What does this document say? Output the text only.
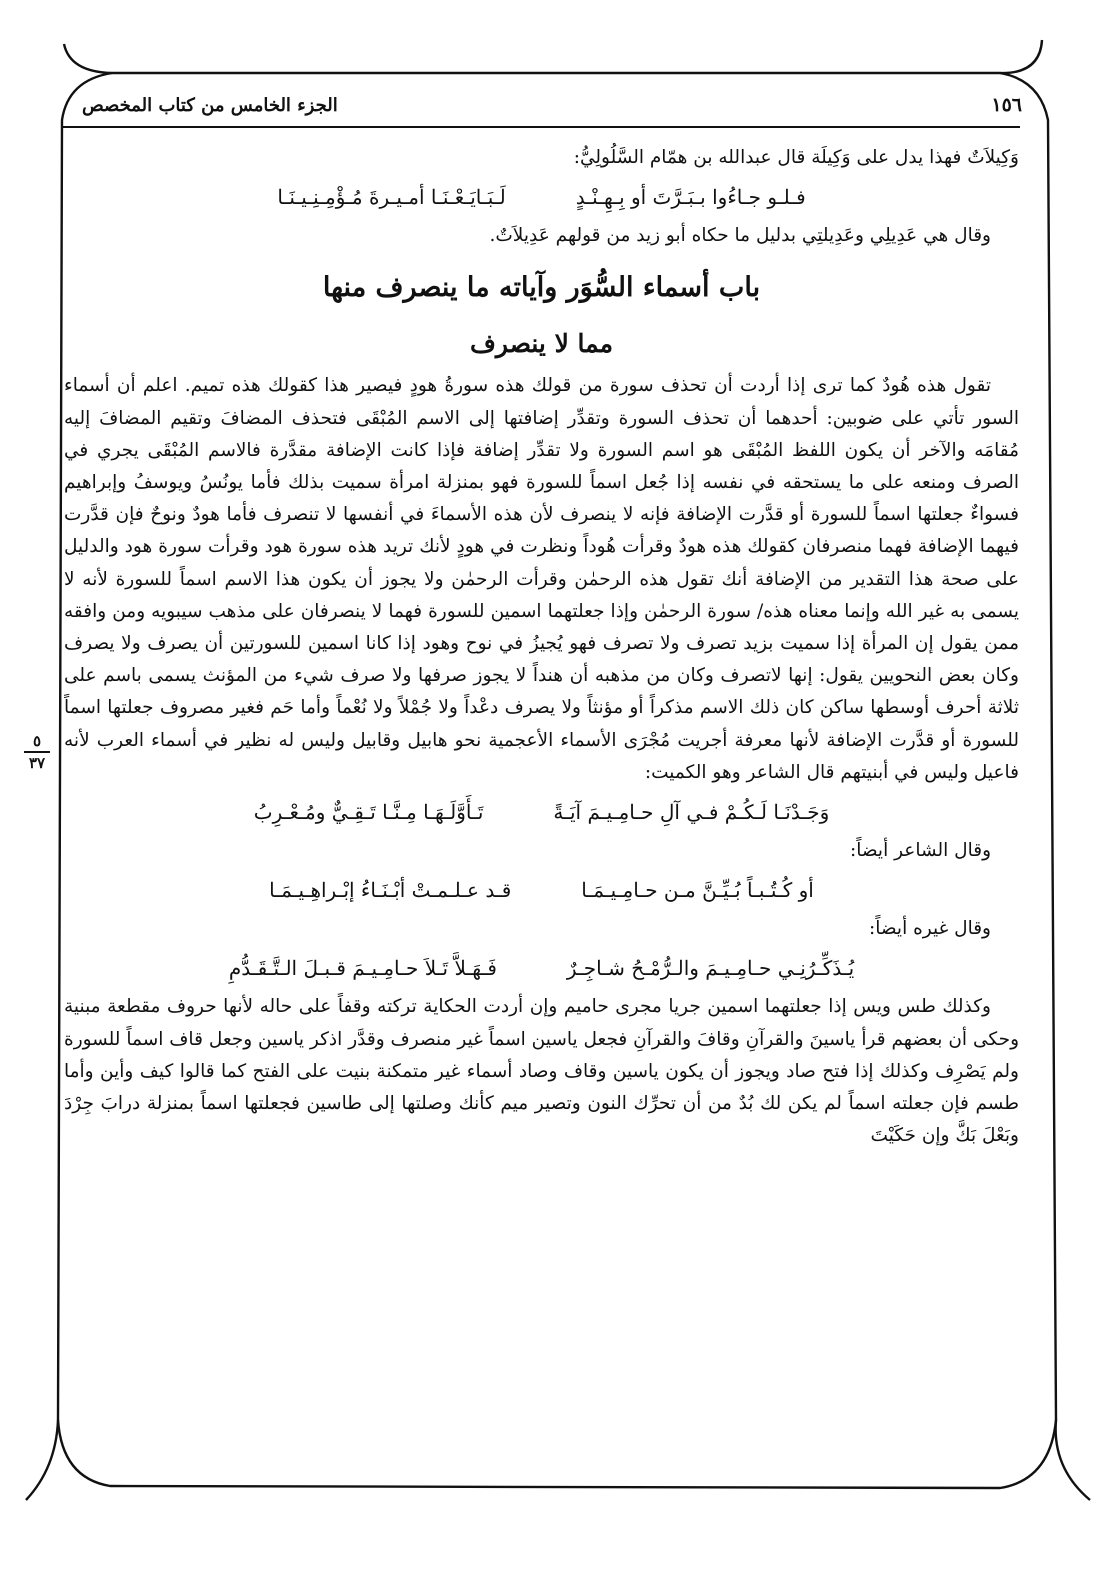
الجزء الخامس من كتاب المخصص	١٥٦
٥
٣٧

وَكِيلاَتٌ فهذا يدل على وَكِيلَة قال عبدالله بن همّام السَّلُولِيُّ:

فـلـو جـاءُوا بـبَـرَّتَ أو بِـهِـنْـدٍ
لَـبَـايَـعْـنَـا أمـيـرةَ مُـؤْمِـنِـيـنَـا

وقال هي عَدِيلِي وعَدِيلتِي بدليل ما حكاه أبو زيد من قولهم عَدِيلاَتٌ.

باب أسماء السُّوَر وآياته ما ينصرف منها
مما لا ينصرف

تقول هذه هُودٌ كما ترى إذا أردت أن تحذف سورة من قولك هذه سورةُ هودٍ فيصير هذا كقولك هذه تميم. اعلم أن أسماء السور تأتي على ضوبين: أحدهما أن تحذف السورة وتقدِّر إضافتها إلى الاسم المُبْقَى فتحذف المضافَ وتقيم المضافَ إليه مُقامَه والآخر أن يكون اللفظ المُبْقَى هو اسم السورة ولا تقدِّر إضافة فإذا كانت الإضافة مقدَّرة فالاسم المُبْقَى يجري في الصرف ومنعه على ما يستحقه في نفسه إذا جُعل اسماً للسورة فهو بمنزلة امرأة سميت بذلك فأما يونُسُ ويوسفُ وإبراهيم فسواءٌ جعلتها اسماً للسورة أو قدَّرت الإضافة فإنه لا ينصرف لأن هذه الأسماءَ في أنفسها لا تنصرف فأما هودٌ ونوحٌ فإن قدَّرت فيهما الإضافة فهما منصرفان كقولك هذه هودٌ وقرأت هُوداً ونظرت في هودٍ لأنك تريد هذه سورة هود وقرأت سورة هود والدليل على صحة هذا التقدير من الإضافة أنك تقول هذه الرحمٰن وقرأت الرحمٰن ولا يجوز أن يكون هذا الاسم اسماً للسورة لأنه لا يسمى به غير الله وإنما معناه هذه/ سورة الرحمٰن وإذا جعلتهما اسمين للسورة فهما لا ينصرفان على مذهب سيبويه ومن وافقه ممن يقول إن المرأة إذا سميت بزيد تصرف ولا تصرف فهو يُجيزُ في نوح وهود إذا كانا اسمين للسورتين أن يصرف ولا يصرف وكان بعض النحويين يقول: إنها لاتصرف وكان من مذهبه أن هنداً لا يجوز صرفها ولا صرف شيء من المؤنث يسمى باسم على ثلاثة أحرف أوسطها ساكن كان ذلك الاسم مذكراً أو مؤنثاً ولا يصرف دعْداً ولا جُمْلاً ولا نُعْماً وأما حَم فغير مصروف جعلتها اسماً للسورة أو قدَّرت الإضافة لأنها معرفة أجريت مُجْرَى الأسماء الأعجمية نحو هابيل وقابيل وليس له نظير في أسماء العرب لأنه فاعيل وليس في أبنيتهم قال الشاعر وهو الكميت:

وَجَـدْنَـا لَـكُـمْ فـي آلِ حـامِـيـمَ آيَـةً
تَـأَوَّلَـهَـا مِـنَّـا تَـقِـيٌّ ومُـعْـرِبُ

وقال الشاعر أيضاً:

أو كُـتُـبـاً بُـيِّـنَّ مـن حـامِـيـمَـا
قـد عـلـمـتْ أبْـنَـاءُ إبْـراهِـيـمَـا

وقال غيره أيضاً:

يُـذَكِّـرُنِـي حـامِـيـمَ والـرُّمْـحُ شـاجِـرٌ
فَـهَـلاَّ تَـلاَ حـامِـيـمَ قـبـلَ الـتَّـقَـدُّمِ

وكذلك طس ويس إذا جعلتهما اسمين جريا مجرى حاميم وإن أردت الحكاية تركته وقفاً على حاله لأنها حروف مقطعة مبنية وحكى أن بعضهم قرأ ياسينَ والقرآنِ وقافَ والقرآنِ فجعل ياسين اسماً غير منصرف وقدَّر اذكر ياسين وجعل قاف اسماً للسورة ولم يَصْرِف وكذلك إذا فتح صاد ويجوز أن يكون ياسين وقاف وصاد أسماء غير متمكنة بنيت على الفتح كما قالوا كيف وأين وأما طسم فإن جعلته اسماً لم يكن لك بُدٌ من أن تحرِّك النون وتصير ميم كأنك وصلتها إلى طاسين فجعلتها اسماً بمنزلة درابَ جِرْدَ وبَعْلَ بَكَّ وإن حَكَيْتَ
